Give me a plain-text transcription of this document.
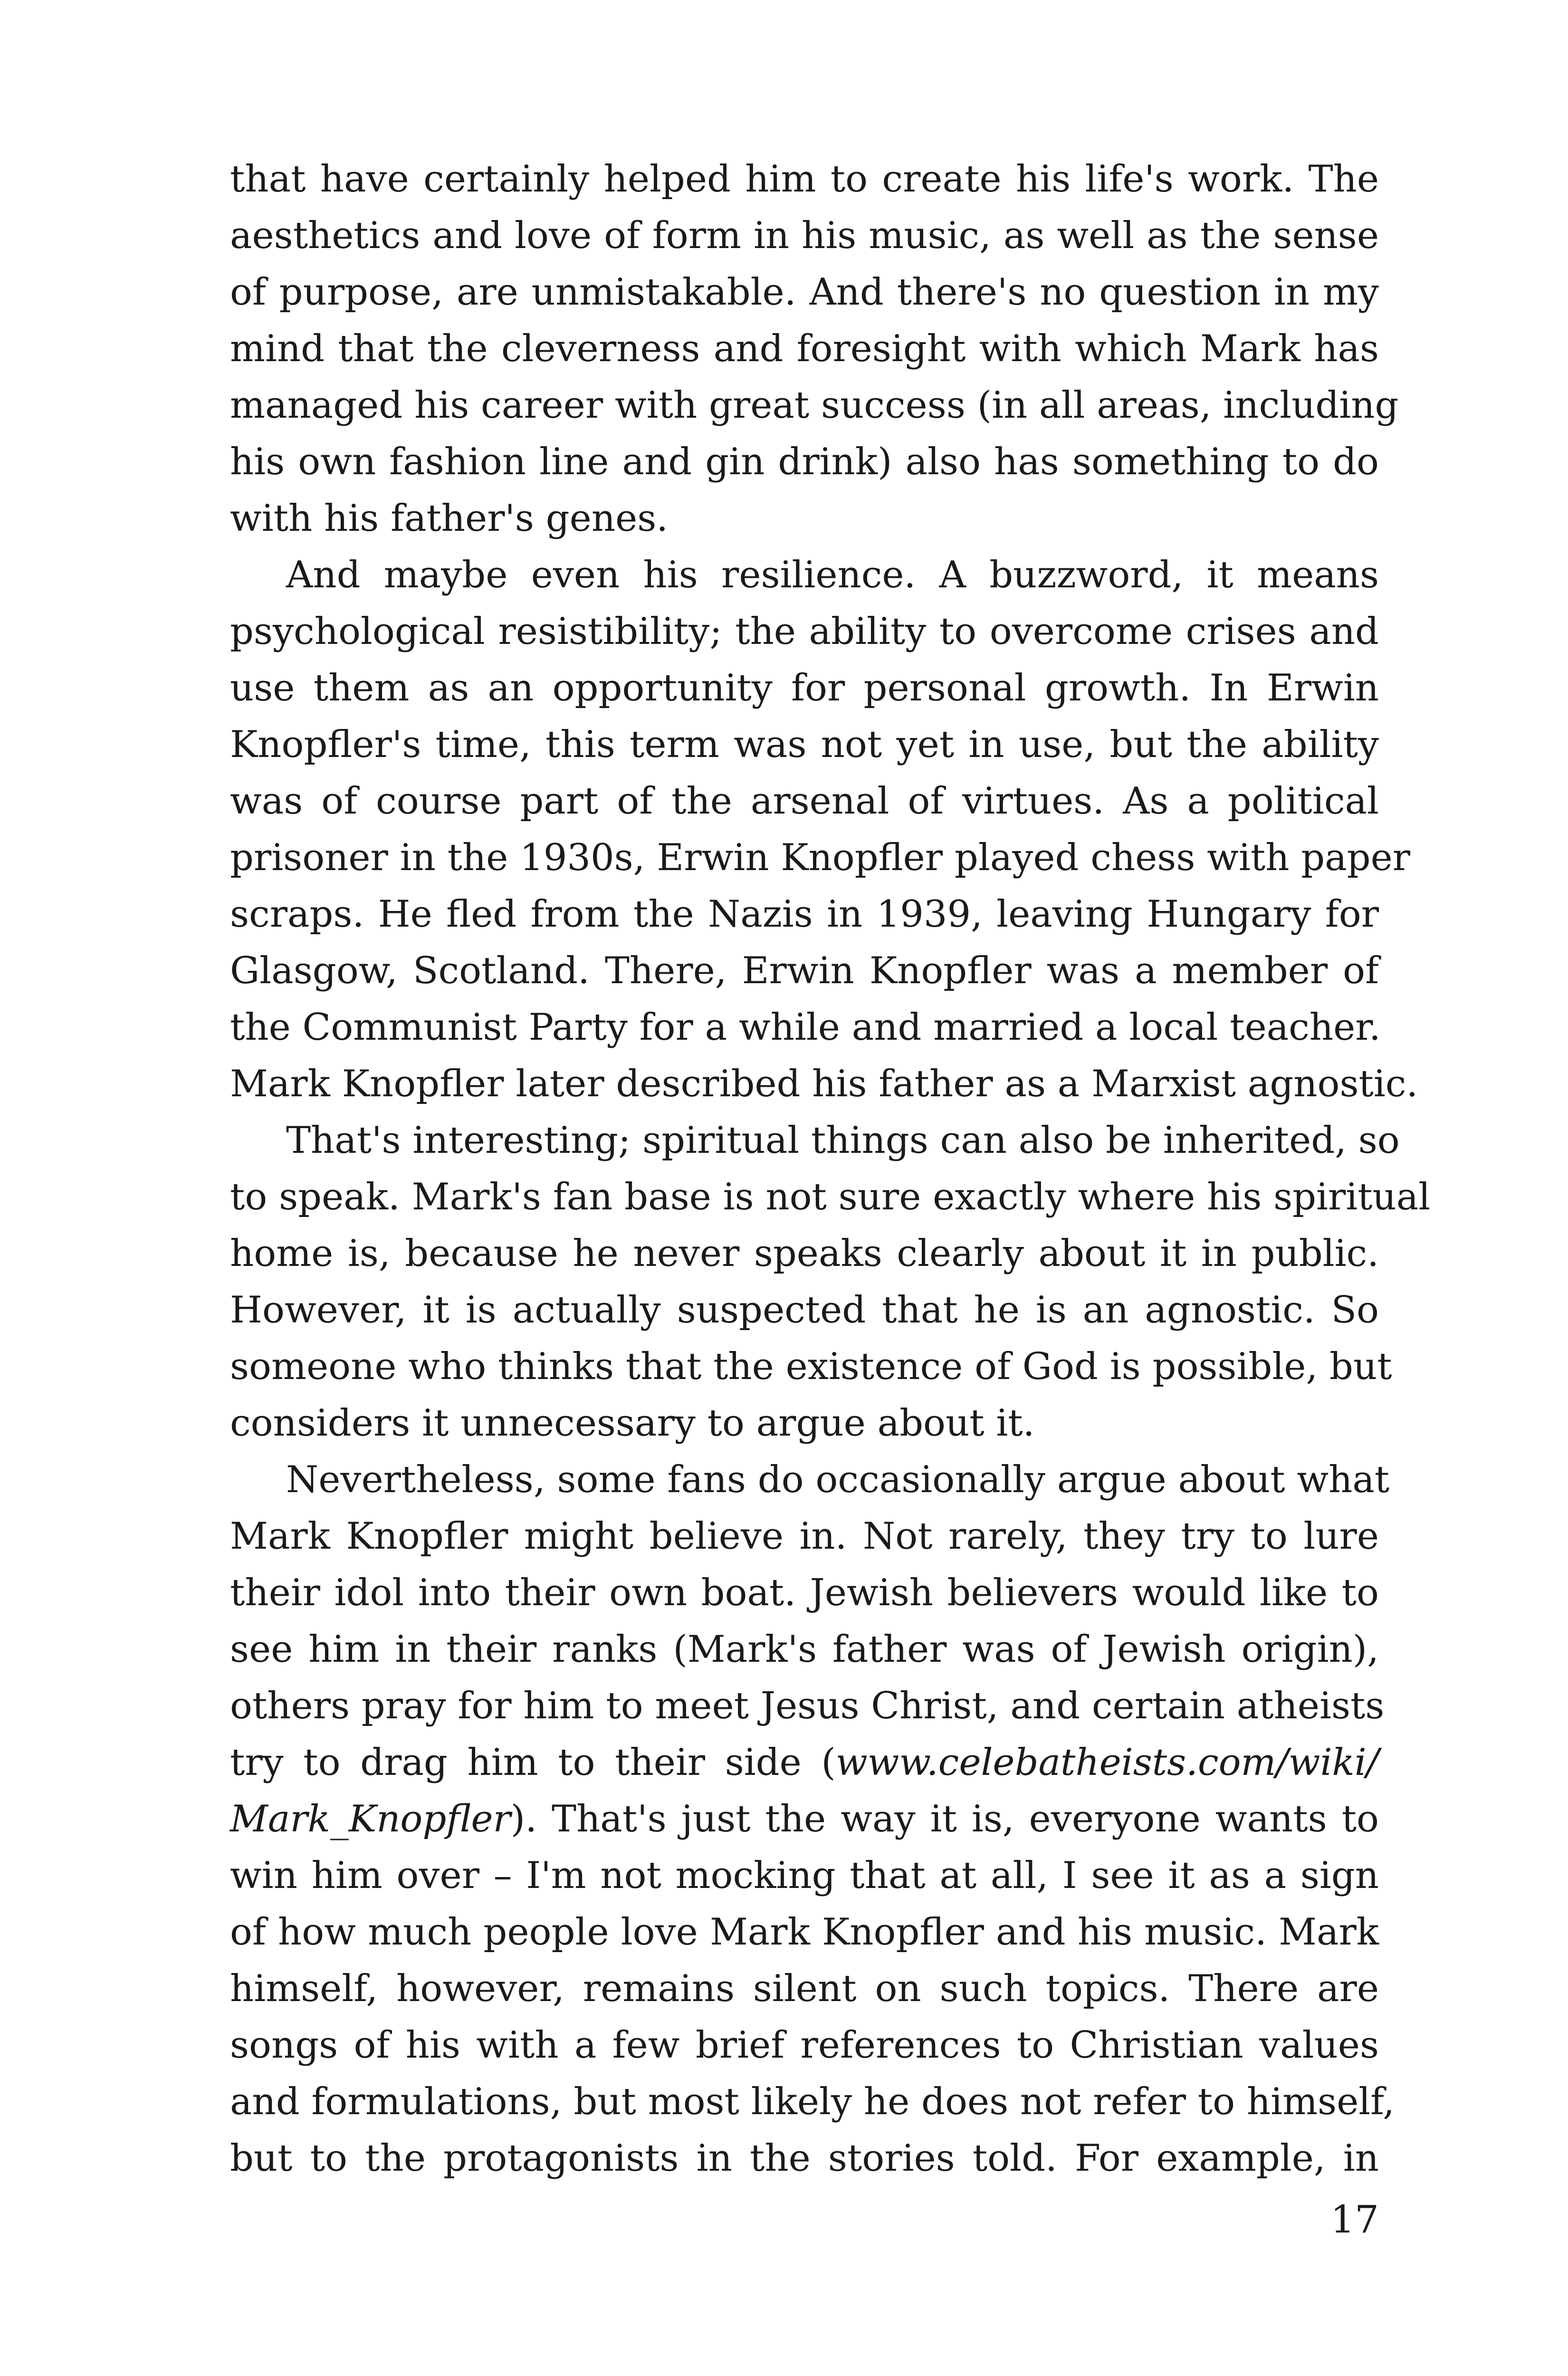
that have certainly helped him to create his life's work. The
aesthetics and love of form in his music, as well as the sense
of purpose, are unmistakable. And there's no question in my
mind that the cleverness and foresight with which Mark has
managed his career with great success (in all areas, including
his own fashion line and gin drink) also has something to do
with his father's genes.
And maybe even his resilience. A buzzword, it means
psychological resistibility; the ability to overcome crises and
use them as an opportunity for personal growth. In Erwin
Knopfler's time, this term was not yet in use, but the ability
was of course part of the arsenal of virtues. As a political
prisoner in the 1930s, Erwin Knopfler played chess with paper
scraps. He fled from the Nazis in 1939, leaving Hungary for
Glasgow, Scotland. There, Erwin Knopfler was a member of
the Communist Party for a while and married a local teacher.
Mark Knopfler later described his father as a Marxist agnostic.
That's interesting; spiritual things can also be inherited, so
to speak. Mark's fan base is not sure exactly where his spiritual
home is, because he never speaks clearly about it in public.
However, it is actually suspected that he is an agnostic. So
someone who thinks that the existence of God is possible, but
considers it unnecessary to argue about it.
Nevertheless, some fans do occasionally argue about what
Mark Knopfler might believe in. Not rarely, they try to lure
their idol into their own boat. Jewish believers would like to
see him in their ranks (Mark's father was of Jewish origin),
others pray for him to meet Jesus Christ, and certain atheists
try to drag him to their side (www.celebatheists.com/wiki/
Mark_Knopfler). That's just the way it is, everyone wants to
win him over – I'm not mocking that at all, I see it as a sign
of how much people love Mark Knopfler and his music. Mark
himself, however, remains silent on such topics. There are
songs of his with a few brief references to Christian values
and formulations, but most likely he does not refer to himself,
but to the protagonists in the stories told. For example, in
17
